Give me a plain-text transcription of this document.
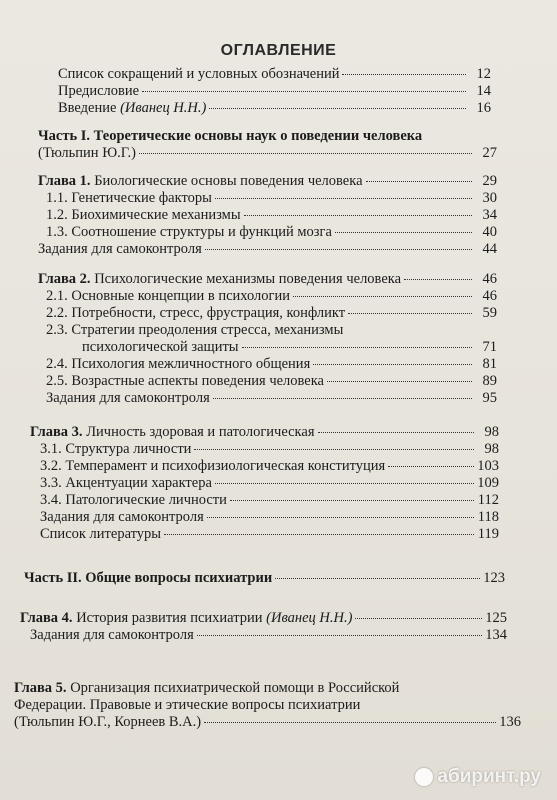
ОГЛАВЛЕНИЕ
Список сокращений и условных обозначений	12
Предисловие	14
Введение (Иванец Н.Н.)	16
Часть I. Теоретические основы наук о поведении человека
(Тюльпин Ю.Г.)	27
Глава 1. Биологические основы поведения человека	29
1.1. Генетические факторы	30
1.2. Биохимические механизмы	34
1.3. Соотношение структуры и функций мозга	40
Задания для самоконтроля	44
Глава 2. Психологические механизмы поведения человека	46
2.1. Основные концепции в психологии	46
2.2. Потребности, стресс, фрустрация, конфликт	59
2.3. Стратегии преодоления стресса, механизмы
психологической защиты	71
2.4. Психология межличностного общения	81
2.5. Возрастные аспекты поведения человека	89
Задания для самоконтроля	95
Глава 3. Личность здоровая и патологическая	98
3.1. Структура личности	98
3.2. Темперамент и психофизиологическая конституция	103
3.3. Акцентуации характера	109
3.4. Патологические личности	112
Задания для самоконтроля	118
Список литературы	119
Часть II. Общие вопросы психиатрии	123
Глава 4. История развития психиатрии (Иванец Н.Н.)	125
Задания для самоконтроля	134
Глава 5. Организация психиатрической помощи в Российской
Федерации. Правовые и этические вопросы психиатрии
(Тюльпин Ю.Г., Корнеев В.А.)	136
абиринт.ру
